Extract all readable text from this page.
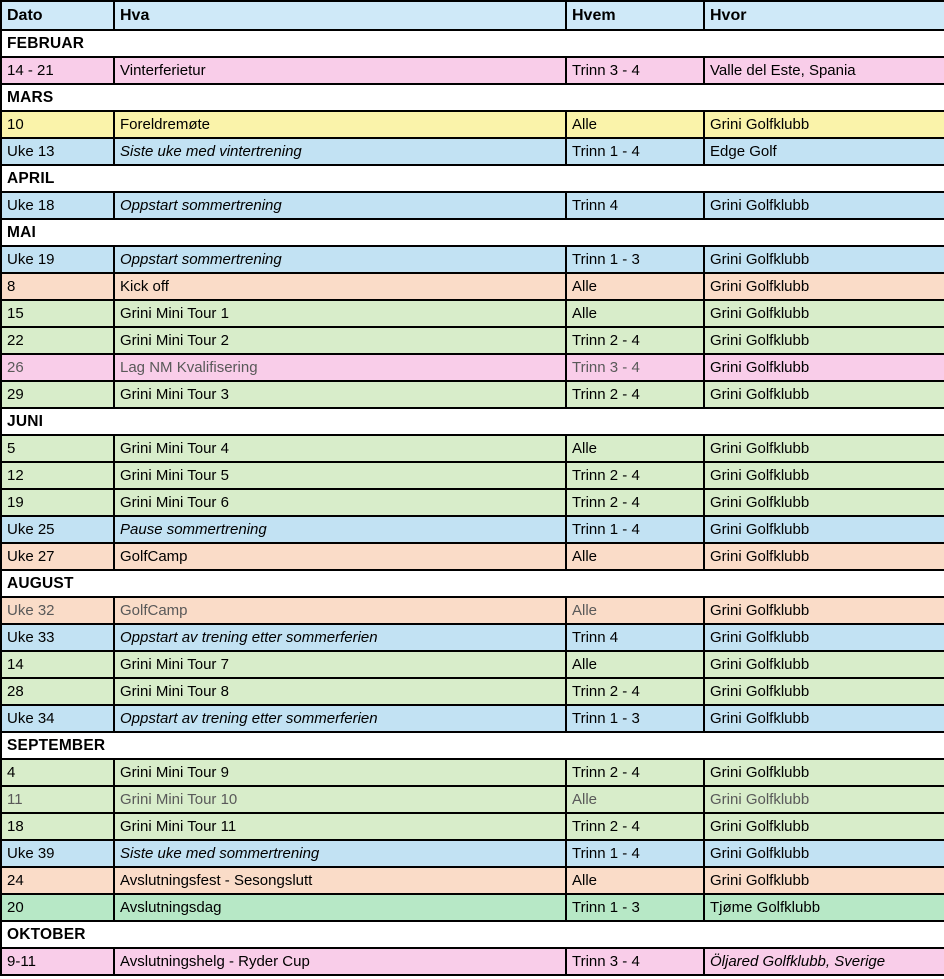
Dato	Hva	Hvem	Hvor
FEBRUAR			
14 - 21	Vinterferietur	Trinn 3 - 4	Valle del Este, Spania
MARS			
10	Foreldremøte	Alle	Grini Golfklubb
Uke 13	Siste uke med vintertrening	Trinn 1 - 4	Edge Golf
APRIL			
Uke 18	Oppstart sommertrening	Trinn 4	Grini Golfklubb
MAI			
Uke 19	Oppstart sommertrening	Trinn 1 - 3	Grini Golfklubb
8	Kick off	Alle	Grini Golfklubb
15	Grini Mini Tour 1	Alle	Grini Golfklubb
22	Grini Mini Tour 2	Trinn 2 - 4	Grini Golfklubb
26	Lag NM Kvalifisering	Trinn 3 - 4	Grini Golfklubb
29	Grini Mini Tour 3	Trinn 2 - 4	Grini Golfklubb
JUNI			
5	Grini Mini Tour 4	Alle	Grini Golfklubb
12	Grini Mini Tour 5	Trinn 2 - 4	Grini Golfklubb
19	Grini Mini Tour 6	Trinn 2 - 4	Grini Golfklubb
Uke 25	Pause sommertrening	Trinn 1 - 4	Grini Golfklubb
Uke 27	GolfCamp	Alle	Grini Golfklubb
AUGUST			
Uke 32	GolfCamp	Alle	Grini Golfklubb
Uke 33	Oppstart av trening etter sommerferien	Trinn 4	Grini Golfklubb
14	Grini Mini Tour 7	Alle	Grini Golfklubb
28	Grini Mini Tour 8	Trinn 2 - 4	Grini Golfklubb
Uke 34	Oppstart av trening etter sommerferien	Trinn 1 - 3	Grini Golfklubb
SEPTEMBER			
4	Grini Mini Tour 9	Trinn 2 - 4	Grini Golfklubb
11	Grini Mini Tour 10	Alle	Grini Golfklubb
18	Grini Mini Tour 11	Trinn 2 - 4	Grini Golfklubb
Uke 39	Siste uke med sommertrening	Trinn 1 - 4	Grini Golfklubb
24	Avslutningsfest - Sesongslutt	Alle	Grini Golfklubb
20	Avslutningsdag	Trinn 1 - 3	Tjøme Golfklubb
OKTOBER			
9-11	Avslutningshelg - Ryder Cup	Trinn 3 - 4	Öljared Golfklubb, Sverige
